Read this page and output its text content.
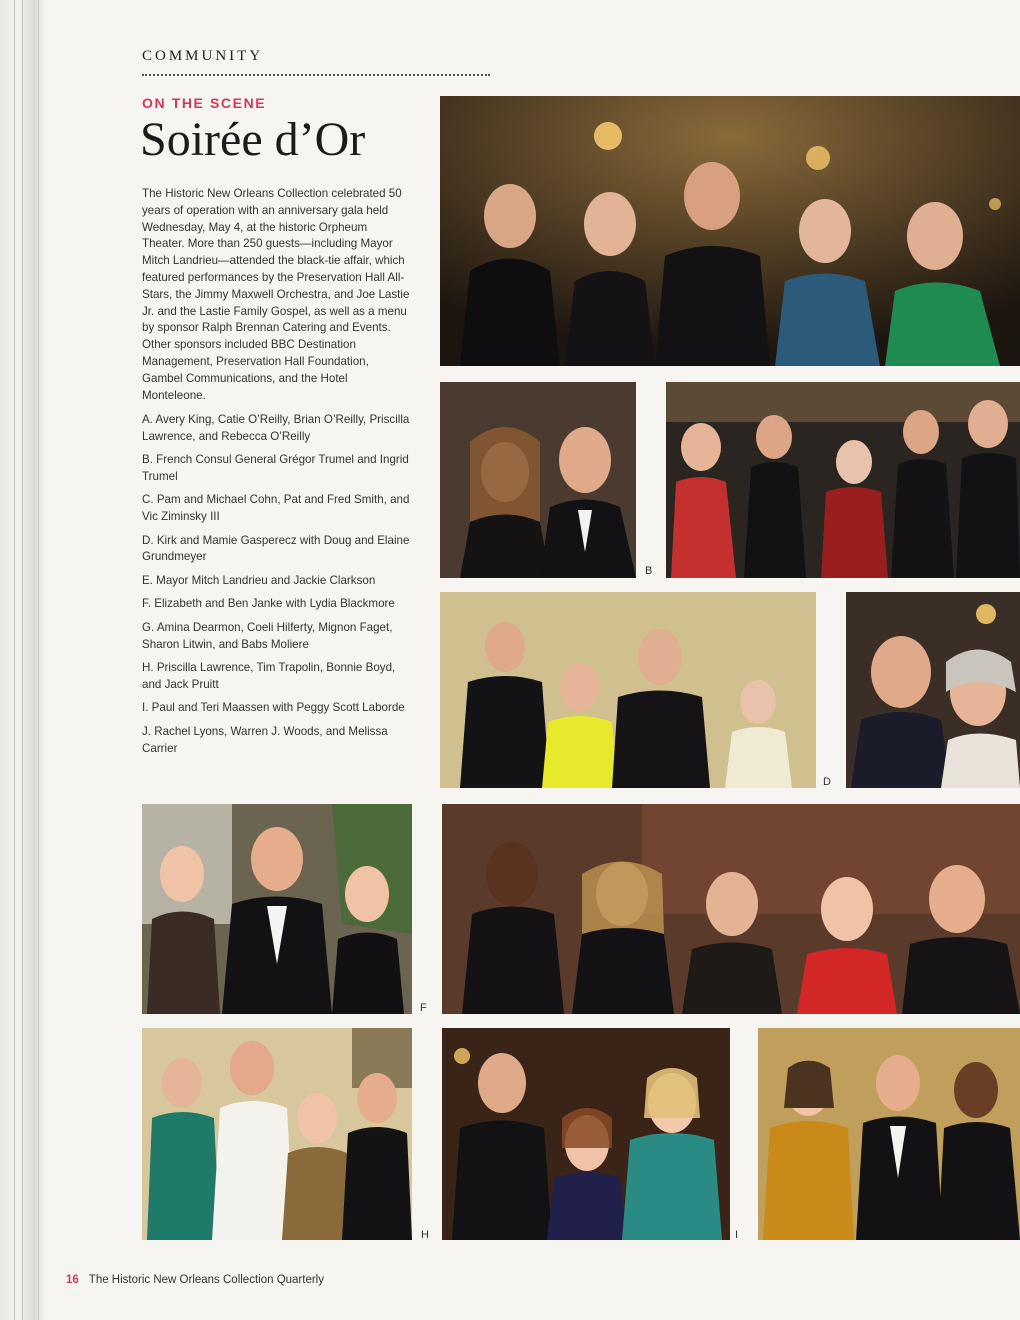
COMMUNITY
ON THE SCENE
Soirée d’Or

The Historic New Orleans Collection celebrated 50 years of operation with an anniversary gala held Wednesday, May 4, at the historic Orpheum Theater. More than 250 guests—including Mayor Mitch Landrieu—attended the black-tie affair, which featured performances by the Preservation Hall All-Stars, the Jimmy Maxwell Orchestra, and Joe Lastie Jr. and the Lastie Family Gospel, as well as a menu by sponsor Ralph Brennan Catering and Events. Other sponsors included BBC Destination Management, Preservation Hall Foundation, Gambel Communications, and the Hotel Monteleone.

A. Avery King, Catie O’Reilly, Brian O’Reilly, Priscilla Lawrence, and Rebecca O’Reilly
B. French Consul General Grégor Trumel and Ingrid Trumel
C. Pam and Michael Cohn, Pat and Fred Smith, and Vic Ziminsky III
D. Kirk and Mamie Gasperecz with Doug and Elaine Grundmeyer
E. Mayor Mitch Landrieu and Jackie Clarkson
F. Elizabeth and Ben Janke with Lydia Blackmore
G. Amina Dearmon, Coeli Hilferty, Mignon Faget, Sharon Litwin, and Babs Moliere
H. Priscilla Lawrence, Tim Trapolin, Bonnie Boyd, and Jack Pruitt
I. Paul and Teri Maassen with Peggy Scott Laborde
J. Rachel Lyons, Warren J. Woods, and Melissa Carrier
B
D
F
H	I
16 The Historic New Orleans Collection Quarterly
